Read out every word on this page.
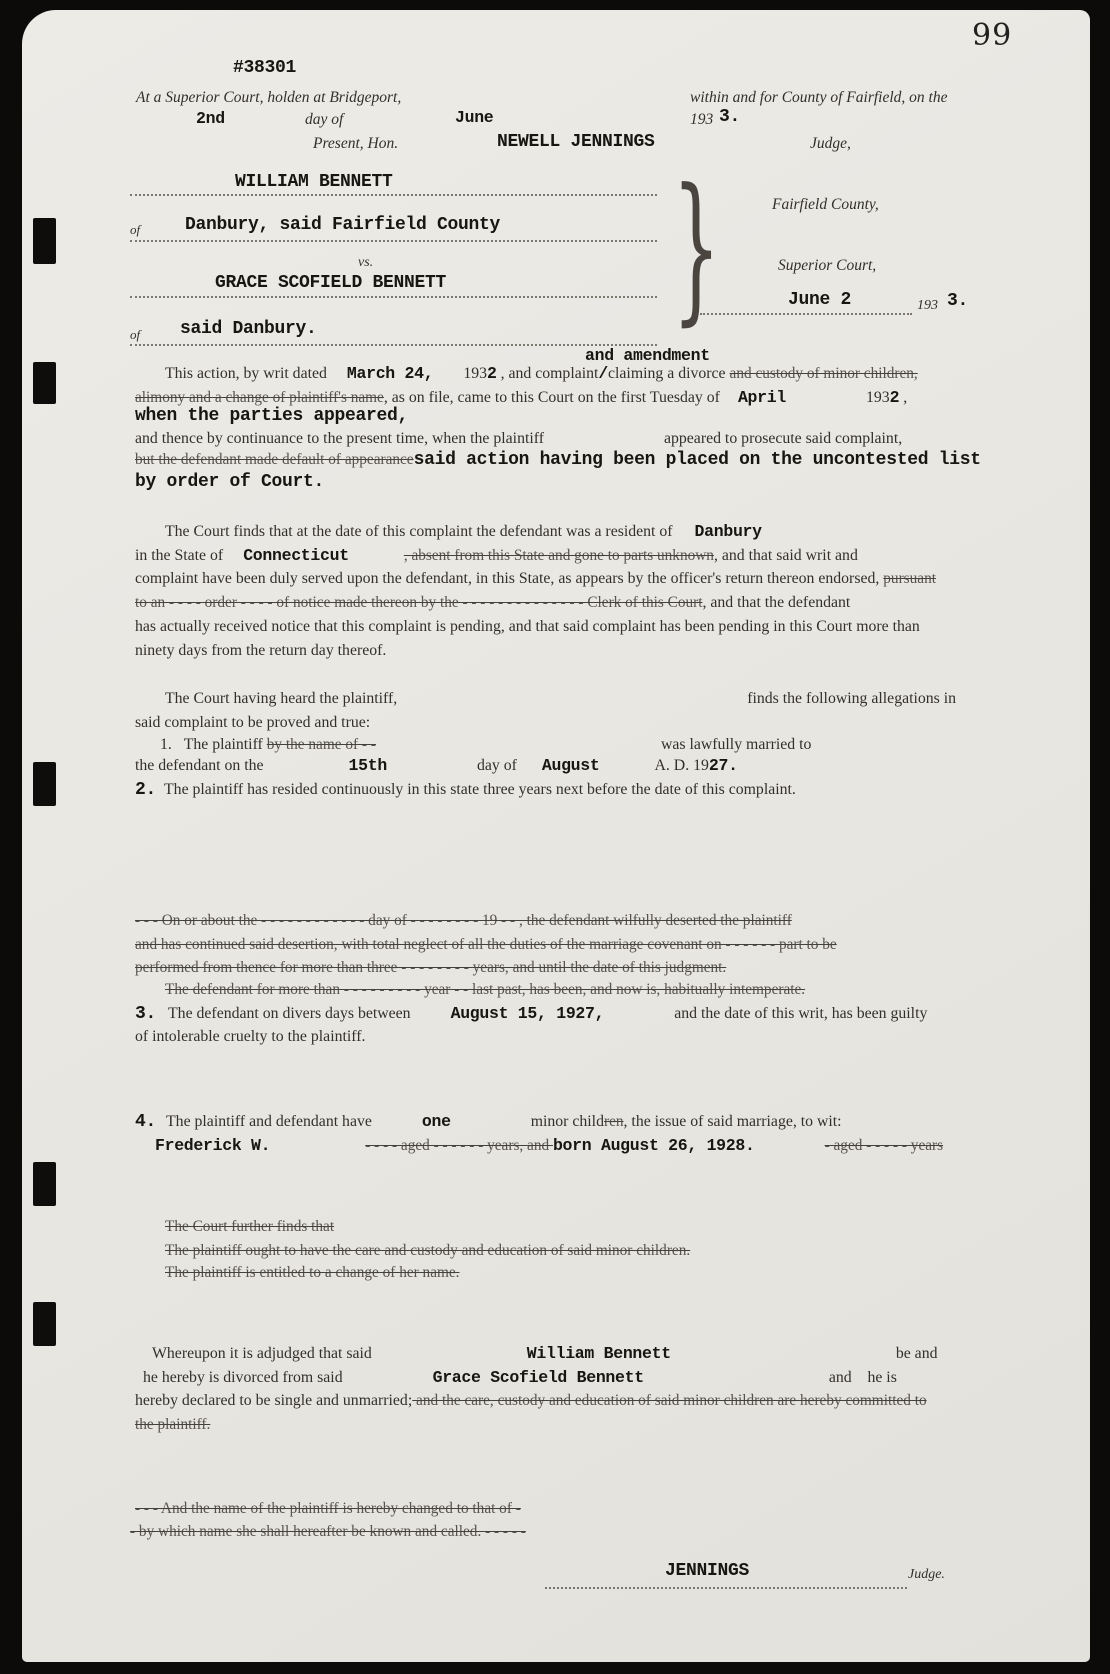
99
#38301
At a Superior Court, holden at Bridgeport,	within and for County of Fairfield, on the
2nd	day of	June	193 3.
Present, Hon.	NEWELL JENNINGS	Judge,
WILLIAM BENNETT
of Danbury, said Fairfield County
vs.
GRACE SCOFIELD BENNETT
of said Danbury. }	Fairfield County,
Superior Court,
June 2	193 3.
and amendment
This action, by writ dated March 24, 1932 , and complaint/claiming a divorce and custody of minor children,
alimony and a change of plaintiff's name, as on file, came to this Court on the first Tuesday of April	1932 ,
when the parties appeared,
and thence by continuance to the present time, when the plaintiff	appeared to prosecute said complaint,
but the defendant made default of appearancesaid action having been placed on the uncontested list
by order of Court.
The Court finds that at the date of this complaint the defendant was a resident of Danbury
in the State of Connecticut	, absent from this State and gone to parts unknown, and that said writ and
complaint have been duly served upon the defendant, in this State, as appears by the officer's return thereon endorsed, pursuant
to an - - - - order - - - - of notice made thereon by the - - - - - - - - - - - - - - Clerk of this Court, and that the defendant
has actually received notice that this complaint is pending, and that said complaint has been pending in this Court more than
ninety days from the return day thereof.
The Court having heard the plaintiff,	finds the following allegations in
said complaint to be proved and true:
1.   The plaintiff by the name of - -	was lawfully married to
the defendant on the	15th	day of August	A. D. 1927.
2. The plaintiff has resided continuously in this state three years next before the date of this complaint.
- - - On or about the - - - - - - - - - - - - day of - - - - - - - - 19 - - , the defendant wilfully deserted the plaintiff
and has continued said desertion, with total neglect of all the duties of the marriage covenant on - - - - - - part to be
performed from thence for more than three - - - - - - - - years, and until the date of this judgment.
The defendant for more than - - - - - - - - - year - - last past, has been, and now is, habitually intemperate.
3. The defendant on divers days between August 15, 1927,	and the date of this writ, has been guilty
of intolerable cruelty to the plaintiff.
4. The plaintiff and defendant have	one	minor children, the issue of said marriage, to wit:
Frederick W.	- - - - aged - - - - - - years, and born August 26, 1928.	- aged - - - - - years
The Court further finds that
The plaintiff ought to have the care and custody and education of said minor children.
The plaintiff is entitled to a change of her name.
Whereupon it is adjudged that said	William Bennett	be and
he hereby is divorced from said	Grace Scofield Bennett	and    he is
hereby declared to be single and unmarried; and the care, custody and education of said minor children are hereby committed to
the plaintiff.
- - - And the name of the plaintiff is hereby changed to that of -
- by which name she shall hereafter be known and called. - - - - -
JENNINGS	Judge.
